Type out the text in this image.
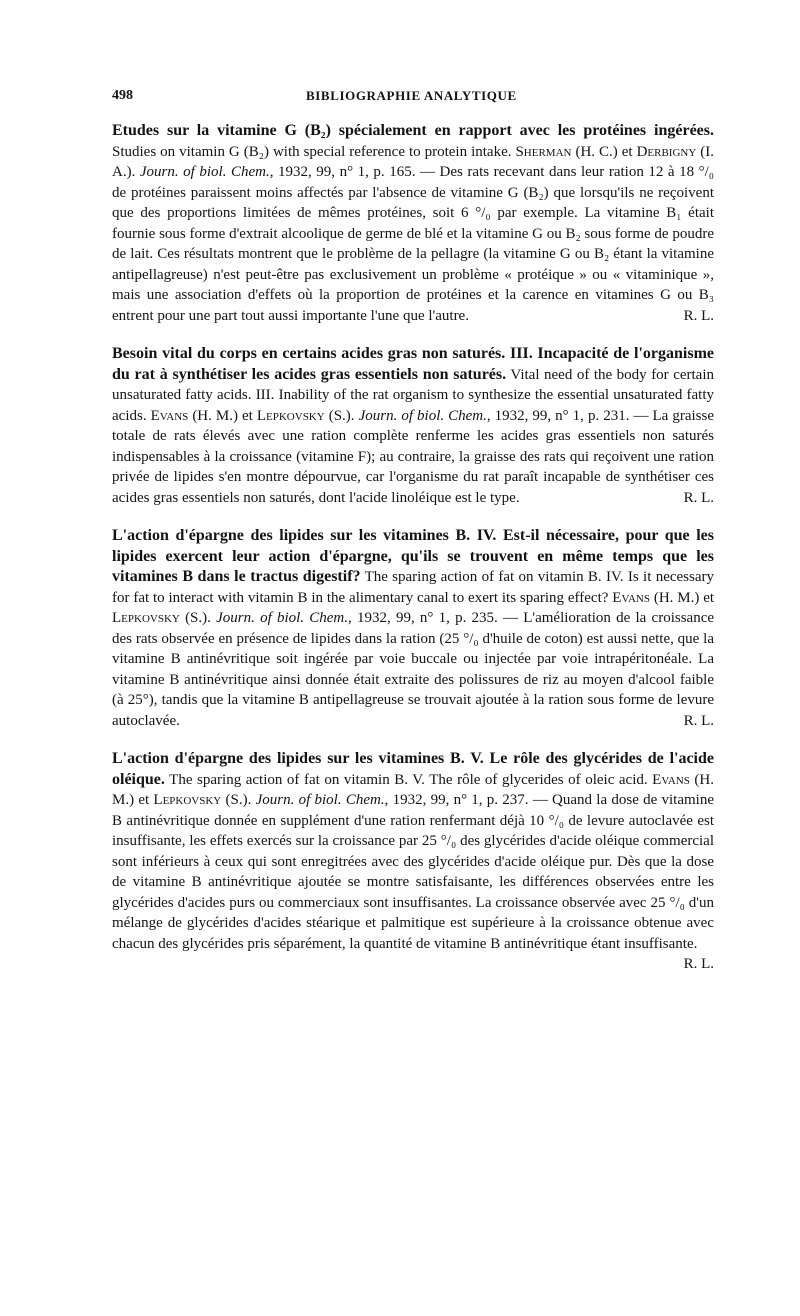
498	BIBLIOGRAPHIE ANALYTIQUE

Etudes sur la vitamine G (B₂) spécialement en rapport avec les protéines ingérées. Studies on vitamin G (B₂) with special reference to protein intake. Sherman (H. C.) et Derbigny (I. A.). Journ. of biol. Chem., 1932, 99, n° 1, p. 165. — Des rats recevant dans leur ration 12 à 18 °/₀ de protéines paraissent moins affectés par l'absence de vitamine G (B₂) que lorsqu'ils ne reçoivent que des proportions limitées de mêmes protéines, soit 6 °/₀ par exemple. La vitamine B₁ était fournie sous forme d'extrait alcoolique de germe de blé et la vitamine G ou B₂ sous forme de poudre de lait. Ces résultats montrent que le problème de la pellagre (la vitamine G ou B₂ étant la vitamine antipellagreuse) n'est peut-être pas exclusivement un problème « protéique » ou « vitaminique », mais une association d'effets où la proportion de protéines et la carence en vitamines G ou B₃ entrent pour une part tout aussi importante l'une que l'autre.	R. L.

Besoin vital du corps en certains acides gras non saturés. III. Incapacité de l'organisme du rat à synthétiser les acides gras essentiels non saturés. Vital need of the body for certain unsaturated fatty acids. III. Inability of the rat organism to synthesize the essential unsaturated fatty acids. Evans (H. M.) et Lepkovsky (S.). Journ. of biol. Chem., 1932, 99, n° 1, p. 231. — La graisse totale de rats élevés avec une ration complète renferme les acides gras essentiels non saturés indispensables à la croissance (vitamine F); au contraire, la graisse des rats qui reçoivent une ration privée de lipides s'en montre dépourvue, car l'organisme du rat paraît incapable de synthétiser ces acides gras essentiels non saturés, dont l'acide linoléique est le type.	R. L.

L'action d'épargne des lipides sur les vitamines B. IV. Est-il nécessaire, pour que les lipides exercent leur action d'épargne, qu'ils se trouvent en même temps que les vitamines B dans le tractus digestif? The sparing action of fat on vitamin B. IV. Is it necessary for fat to interact with vitamin B in the alimentary canal to exert its sparing effect? Evans (H. M.) et Lepkovsky (S.). Journ. of biol. Chem., 1932, 99, n° 1, p. 235. — L'amélioration de la croissance des rats observée en présence de lipides dans la ration (25 °/₀ d'huile de coton) est aussi nette, que la vitamine B antinévritique soit ingérée par voie buccale ou injectée par voie intrapéritonéale. La vitamine B antinévritique ainsi donnée était extraite des polissures de riz au moyen d'alcool faible (à 25°), tandis que la vitamine B antipellagreuse se trouvait ajoutée à la ration sous forme de levure autoclavée.	R. L.

L'action d'épargne des lipides sur les vitamines B. V. Le rôle des glycérides de l'acide oléique. The sparing action of fat on vitamin B. V. The rôle of glycerides of oleic acid. Evans (H. M.) et Lepkovsky (S.). Journ. of biol. Chem., 1932, 99, n° 1, p. 237. — Quand la dose de vitamine B antinévritique donnée en supplément d'une ration renfermant déjà 10 °/₀ de levure autoclavée est insuffisante, les effets exercés sur la croissance par 25 °/₀ des glycérides d'acide oléique commercial sont inférieurs à ceux qui sont enregitrées avec des glycérides d'acide oléique pur. Dès que la dose de vitamine B antinévritique ajoutée se montre satisfaisante, les différences observées entre les glycérides d'acides purs ou commerciaux sont insuffisantes. La croissance observée avec 25 °/₀ d'un mélange de glycérides d'acides stéarique et palmitique est supérieure à la croissance obtenue avec chacun des glycérides pris séparément, la quantité de vitamine B antinévritique étant insuffisante.
R. L.
